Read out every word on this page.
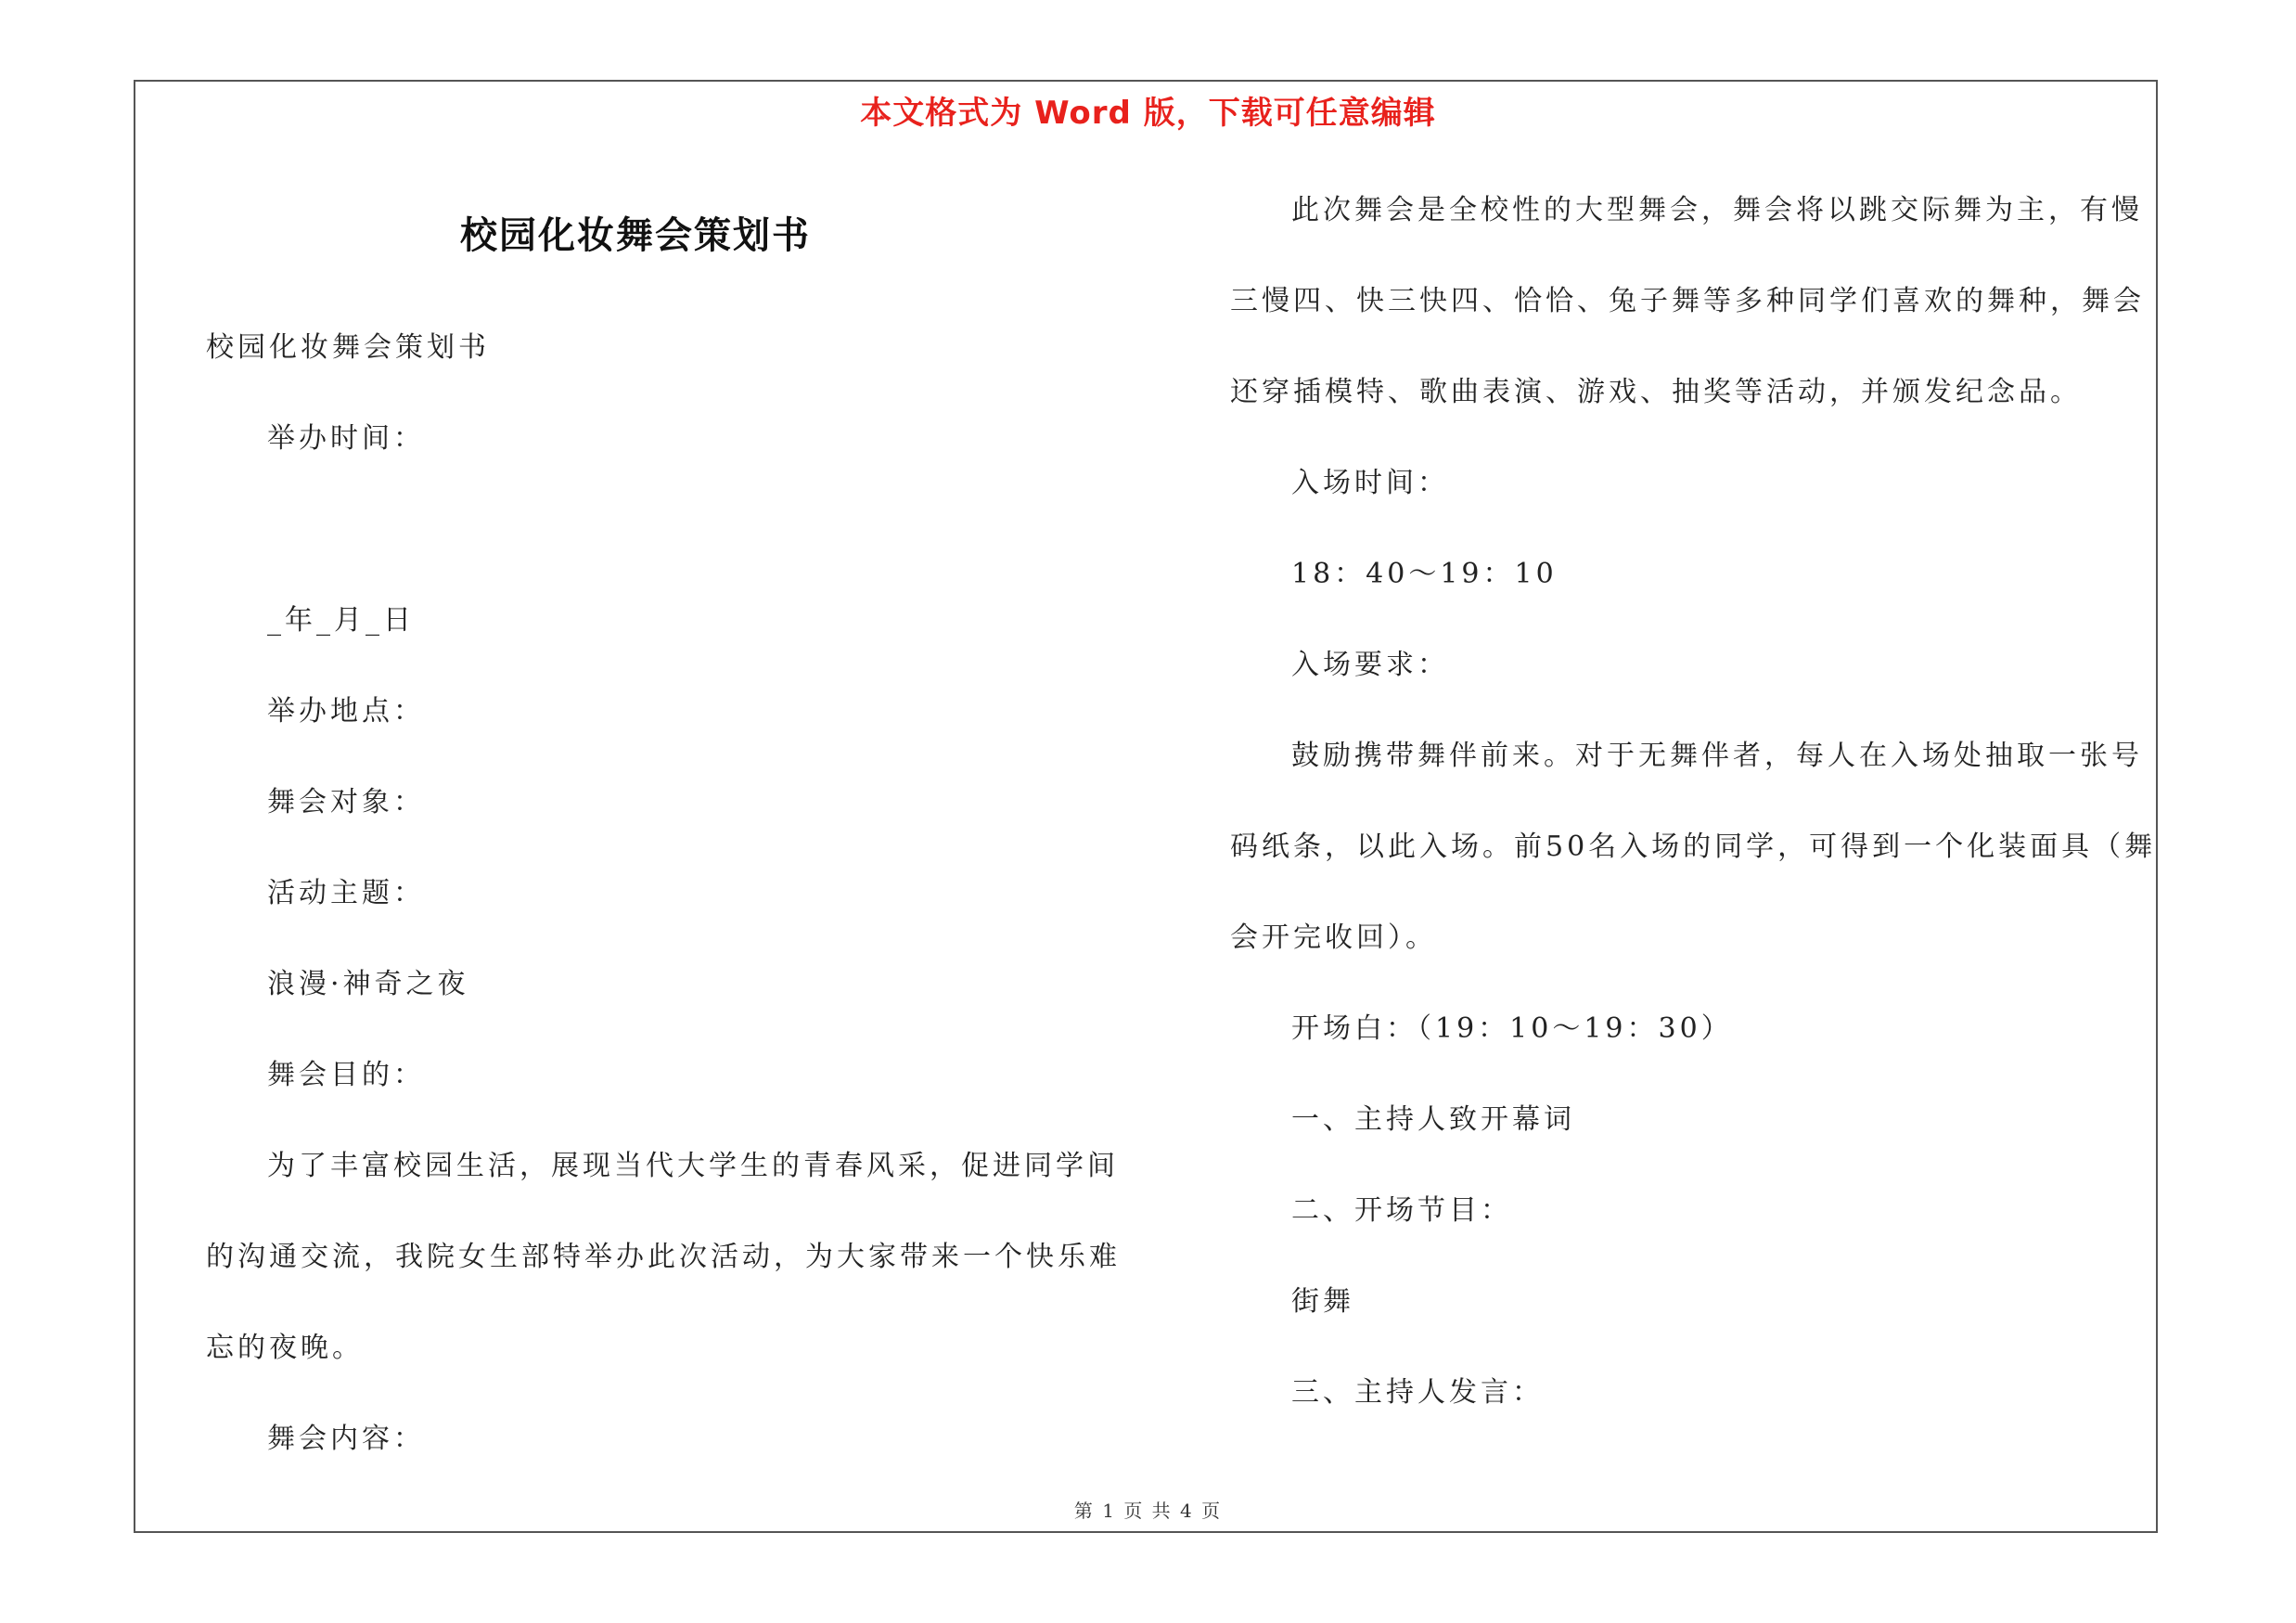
本文格式为 Word 版，下载可任意编辑
校园化妆舞会策划书

校园化妆舞会策划书

举办时间：

_年_月_日

举办地点：

舞会对象：

活动主题：

浪漫·神奇之夜

舞会目的：

为了丰富校园生活，展现当代大学生的青春风采，促进同学间的沟通交流，我院女生部特举办此次活动，为大家带来一个快乐难忘的夜晚。

舞会内容：

此次舞会是全校性的大型舞会，舞会将以跳交际舞为主，有慢三慢四、快三快四、恰恰、兔子舞等多种同学们喜欢的舞种，舞会还穿插模特、歌曲表演、游戏、抽奖等活动，并颁发纪念品。

入场时间：

18：40～19：10

入场要求：

鼓励携带舞伴前来。对于无舞伴者，每人在入场处抽取一张号码纸条，以此入场。前50名入场的同学，可得到一个化装面具（舞会开完收回）。

开场白：（19：10～19：30）

一、主持人致开幕词

二、开场节目：

街舞

三、主持人发言：

第 1 页 共 4 页
